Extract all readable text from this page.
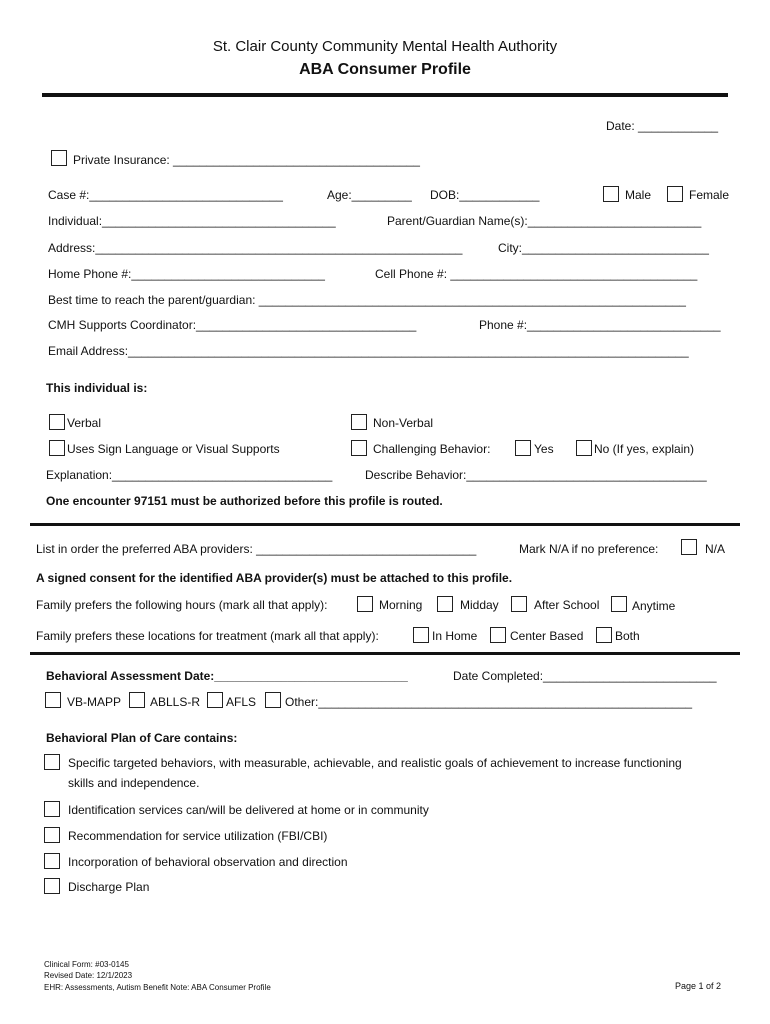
St. Clair County Community Mental Health Authority
ABA Consumer Profile
Date: ____________
Private Insurance: _____________________________________
Case #:_____________________________	Age:_________ DOB:____________	Male	Female
Individual:___________________________________	Parent/Guardian Name(s):__________________________
Address:_______________________________________________________	City:____________________________
Home Phone #:_____________________________	Cell Phone #: _____________________________________
Best time to reach the parent/guardian: ________________________________________________________________
CMH Supports Coordinator:_________________________________	Phone #:_____________________________
Email Address:____________________________________________________________________________________
This individual is:
Verbal	Non-Verbal
Uses Sign Language or Visual Supports	Challenging Behavior:	Yes	No (If yes, explain)
Explanation:_________________________________	Describe Behavior:____________________________________
One encounter 97151 must be authorized before this profile is routed.
List in order the preferred ABA providers: _________________________________	Mark N/A if no preference:	N/A
A signed consent for the identified ABA provider(s) must be attached to this profile.
Family prefers the following hours (mark all that apply):	Morning	Midday	After School	Anytime
Family prefers these locations for treatment (mark all that apply):	In Home	Center Based	Both
Behavioral Assessment Date:_____________________________	Date Completed:__________________________
VB-MAPP ABLLS-R AFLS Other:________________________________________________________
Behavioral Plan of Care contains:
Specific targeted behaviors, with measurable, achievable, and realistic goals of achievement to increase functioning
skills and independence.
Identification services can/will be delivered at home or in community
Recommendation for service utilization (FBI/CBI)
Incorporation of behavioral observation and direction
Discharge Plan
Clinical Form: #03-0145
Revised Date: 12/1/2023
EHR: Assessments, Autism Benefit Note: ABA Consumer Profile	Page 1 of 2
